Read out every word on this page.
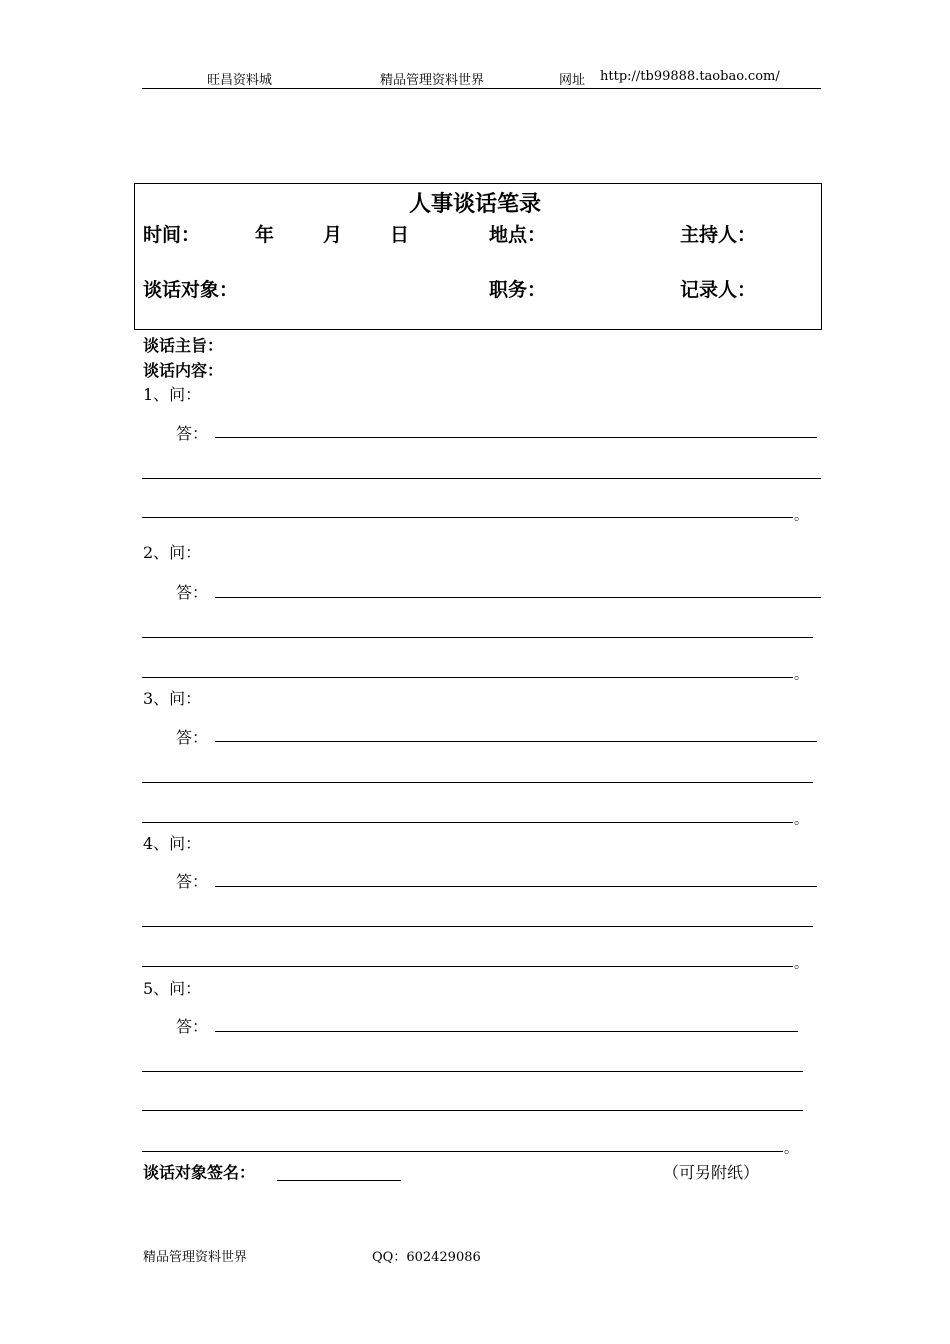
旺昌资料城	精品管理资料世界	网址 http://tb99888.taobao.com/
人事谈话笔录
时间：	年	月	日	地点：	主持人：
谈话对象：	职务：	记录人：
谈话主旨：
谈话内容：
1、问：
答：
。
2、问：
答：
。
3、问：
答：
。
4、问：
答：
。
5、问：
答：
。
谈话对象签名：	（可另附纸）
精品管理资料世界	QQ：602429086
